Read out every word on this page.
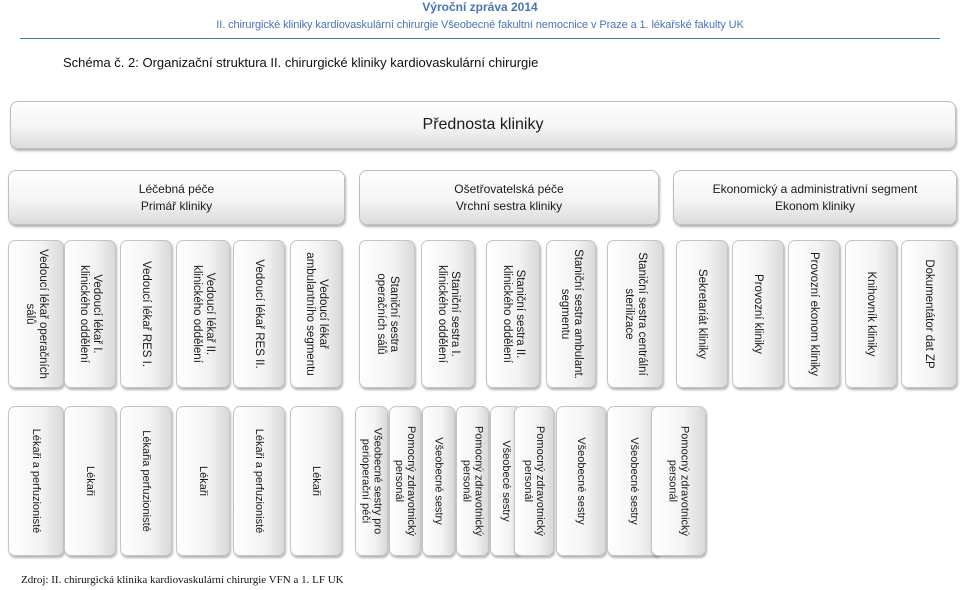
Výroční zpráva 2014
II. chirurgické kliniky kardiovaskulární chirurgie Všeobecné fakultní nemocnice v Praze a 1. lékařské fakulty UK
Schéma č. 2: Organizační struktura II. chirurgické kliniky kardiovaskulární chirurgie
Přednosta kliniky
Léčebná péče
Primář kliniky
Ošetřovatelská péče
Vrchní sestra kliniky
Ekonomický a administrativní segment
Ekonom kliniky
Vedoucí lékař operačních
sálů	Vedoucí lékař I.
klinického oddělení	Vedoucí lékař RES I.	Vedoucí lékař II.
klinického oddělení	Vedoucí lékař RES II.	Vedoucí lékař
ambulantního segmentu	Staniční sestra
operačních sálů	Staniční sestra I.
klinického oddělení	Staniční sestra II.
klinického oddělení	Staniční sestra ambulant.
segmentu	Staniční sestra centrální
sterilizace	Sekretariát kliniky	Provozní kliniky	Provozní ekonom kliniky	Knihovník kliniky	Dokumentátor dat ZP
Lékaři a perfuzionisté	Lékaři	Lékařia perfuzionisté	Lékaři	Lékaři a perfuzionisté	Lékaři	Všeobecné sestry pro
perioperační péči	Pomocný zdravotnický
personál	Všeobecné sestry	Pomocný zdravotnický
personál	Všeobecé sestry Pomocný zdravotnický
personál	Všeobecné sestry	Všeobecné sestry	Pomocný zdravotnický
personál
Zdroj: II. chirurgická klinika kardiovaskulární chirurgie VFN a 1. LF UK
